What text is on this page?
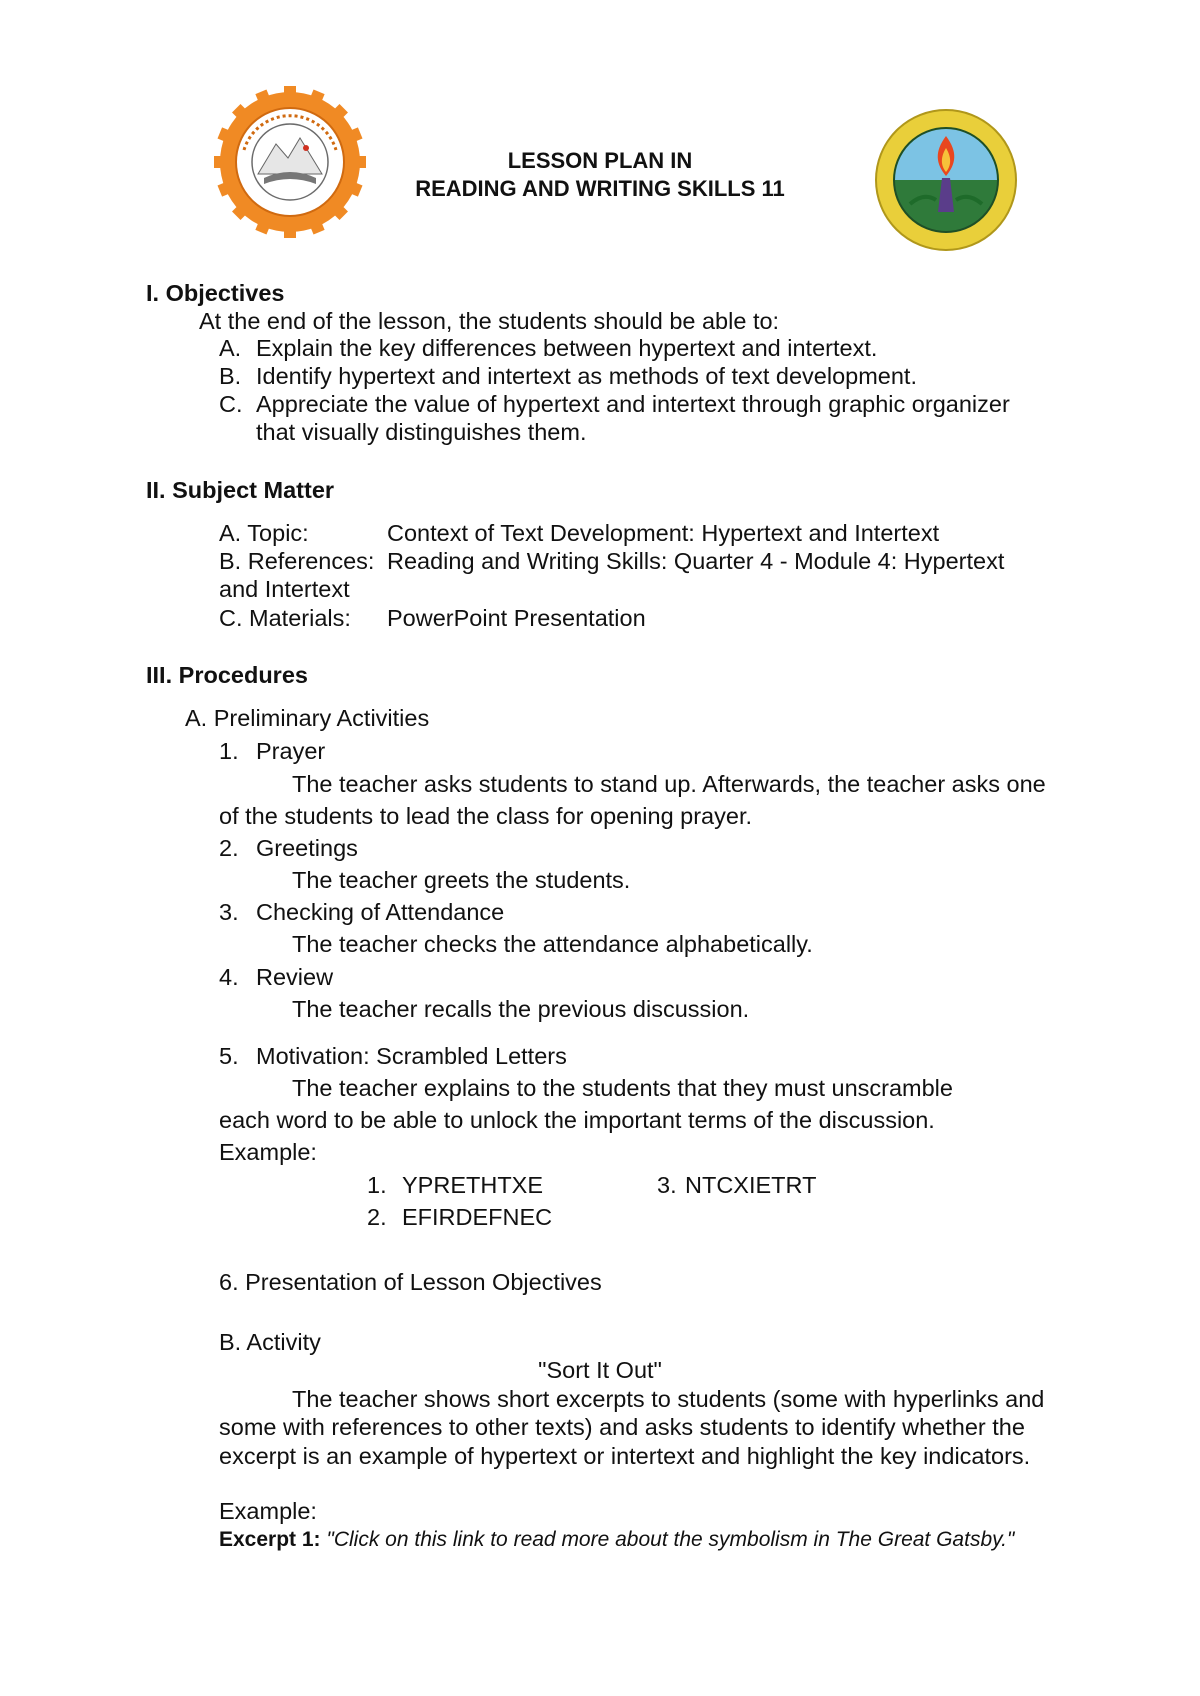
LESSON PLAN IN
READING AND WRITING SKILLS 11
I. Objectives
At the end of the lesson, the students should be able to:
A. Explain the key differences between hypertext and intertext.
B. Identify hypertext and intertext as methods of text development.
C. Appreciate the value of hypertext and intertext through graphic organizer
that visually distinguishes them.
II. Subject Matter
A. Topic:	Context of Text Development: Hypertext and Intertext
B. References: Reading and Writing Skills: Quarter 4 - Module 4: Hypertext
and Intertext
C. Materials: PowerPoint Presentation
III. Procedures
A. Preliminary Activities
1. Prayer
The teacher asks students to stand up. Afterwards, the teacher asks one
of the students to lead the class for opening prayer.
2. Greetings
The teacher greets the students.
3. Checking of Attendance
The teacher checks the attendance alphabetically.
4. Review
The teacher recalls the previous discussion.
5. Motivation: Scrambled Letters
The teacher explains to the students that they must unscramble
each word to be able to unlock the important terms of the discussion.
Example:
1. YPRETHTXE
2. EFIRDEFNEC
3. NTCXIETRT
6. Presentation of Lesson Objectives
B. Activity
"Sort It Out"
The teacher shows short excerpts to students (some with hyperlinks and
some with references to other texts) and asks students to identify whether the
excerpt is an example of hypertext or intertext and highlight the key indicators.
Example:
Excerpt 1: "Click on this link to read more about the symbolism in The Great Gatsby."
